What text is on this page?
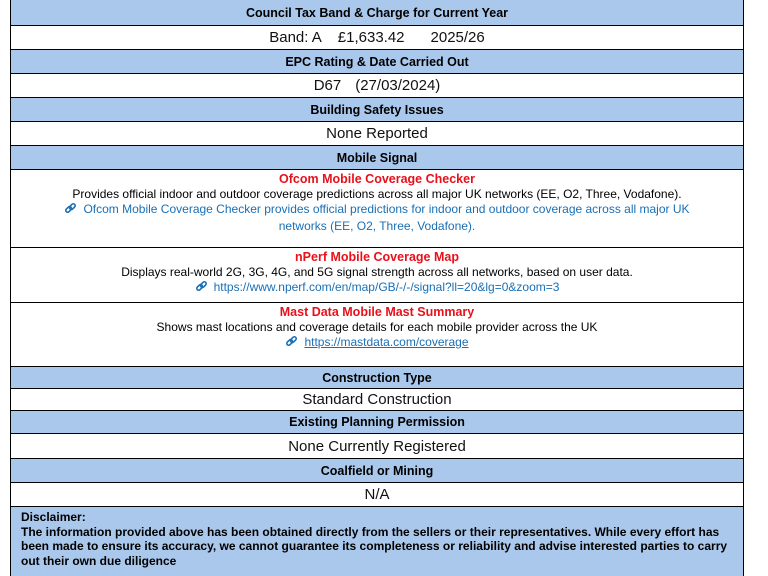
Council Tax Band & Charge for Current Year
Band: A £1,633.42 2025/26
EPC Rating & Date Carried Out
D67 (27/03/2024)
Building Safety Issues
None Reported
Mobile Signal
Ofcom Mobile Coverage Checker
Provides official indoor and outdoor coverage predictions across all major UK networks (EE, O2, Three, Vodafone).
Ofcom Mobile Coverage Checker provides official predictions for indoor and outdoor coverage across all major UK
networks (EE, O2, Three, Vodafone).
nPerf Mobile Coverage Map
Displays real-world 2G, 3G, 4G, and 5G signal strength across all networks, based on user data.
https://www.nperf.com/en/map/GB/-/-/signal?ll=20&lg=0&zoom=3
Mast Data Mobile Mast Summary
Shows mast locations and coverage details for each mobile provider across the UK
https://mastdata.com/coverage
Construction Type
Standard Construction
Existing Planning Permission
None Currently Registered
Coalfield or Mining
N/A
Disclaimer:
The information provided above has been obtained directly from the sellers or their representatives. While every effort has been made to ensure its accuracy, we cannot guarantee its completeness or reliability and advise interested parties to carry out their own due diligence
